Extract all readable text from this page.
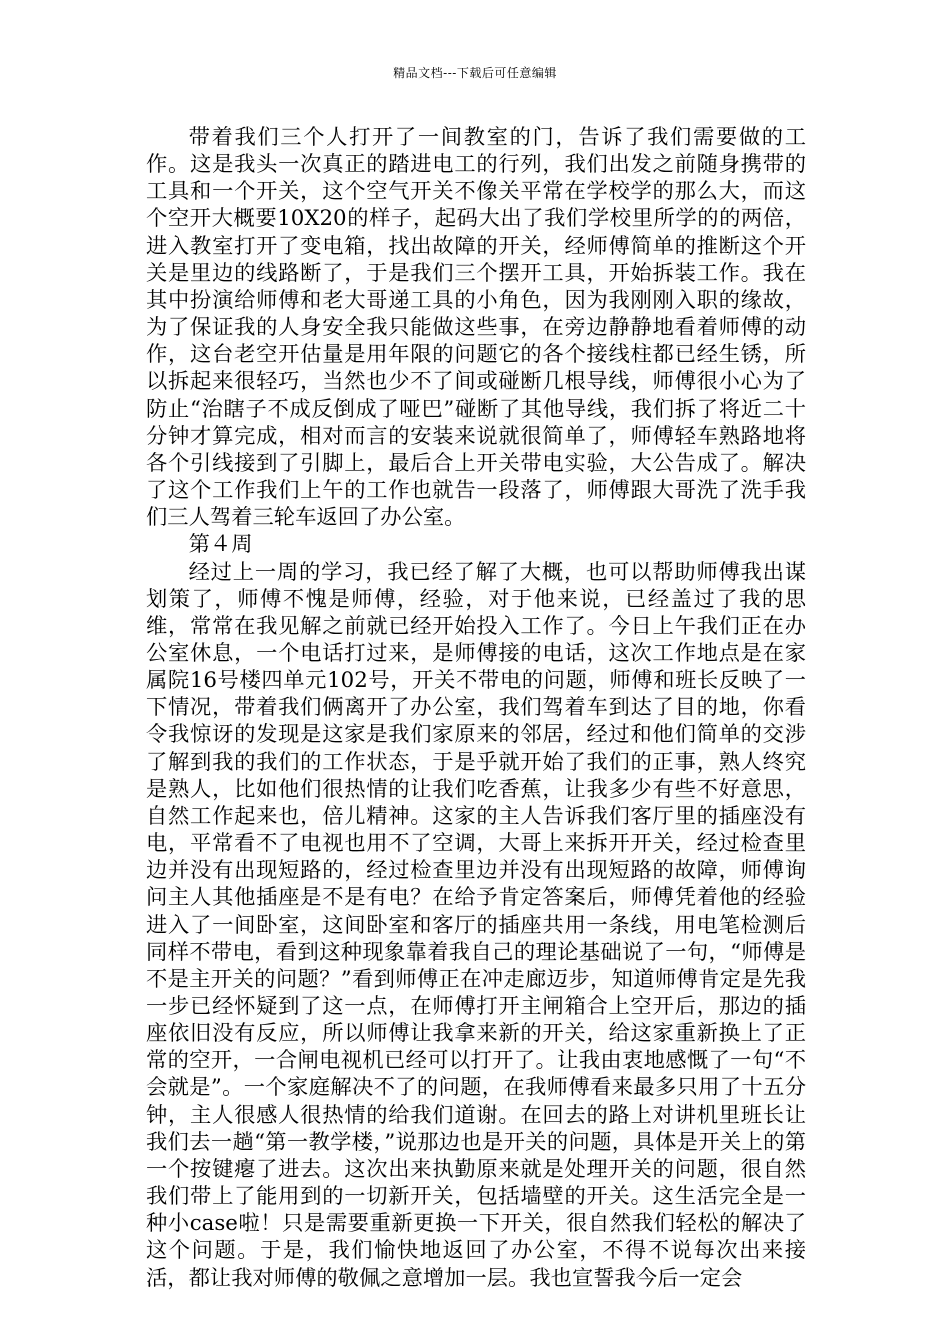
精品文档---下载后可任意编辑

带着我们三个人打开了一间教室的门，告诉了我们需要做的工作。这是我头一次真正的踏进电工的行列，我们出发之前随身携带的工具和一个开关，这个空气开关不像关平常在学校学的那么大，而这个空开大概要10X20的样子，起码大出了我们学校里所学的的两倍，进入教室打开了变电箱，找出故障的开关，经师傅简单的推断这个开关是里边的线路断了，于是我们三个摆开工具，开始拆装工作。我在其中扮演给师傅和老大哥递工具的小角色，因为我刚刚入职的缘故，为了保证我的人身安全我只能做这些事，在旁边静静地看着师傅的动作，这台老空开估量是用年限的问题它的各个接线柱都已经生锈，所以拆起来很轻巧，当然也少不了间或碰断几根导线，师傅很小心为了防止“治瞎子不成反倒成了哑巴”碰断了其他导线，我们拆了将近二十分钟才算完成，相对而言的安装来说就很简单了，师傅轻车熟路地将各个引线接到了引脚上，最后合上开关带电实验，大公告成了。解决了这个工作我们上午的工作也就告一段落了，师傅跟大哥洗了洗手我们三人驾着三轮车返回了办公室。

第４周

经过上一周的学习，我已经了解了大概，也可以帮助师傅我出谋划策了，师傅不愧是师傅，经验，对于他来说，已经盖过了我的思维，常常在我见解之前就已经开始投入工作了。今日上午我们正在办公室休息，一个电话打过来，是师傅接的电话，这次工作地点是在家属院16号楼四单元102号，开关不带电的问题，师傅和班长反映了一下情况，带着我们俩离开了办公室，我们驾着车到达了目的地，你看令我惊讶的发现是这家是我们家原来的邻居，经过和他们简单的交涉了解到我的我们的工作状态，于是乎就开始了我们的正事，熟人终究是熟人，比如他们很热情的让我们吃香蕉，让我多少有些不好意思，自然工作起来也，倍儿精神。这家的主人告诉我们客厅里的插座没有电，平常看不了电视也用不了空调，大哥上来拆开开关，经过检查里边并没有出现短路的，经过检查里边并没有出现短路的故障，师傅询问主人其他插座是不是有电？在给予肯定答案后，师傅凭着他的经验进入了一间卧室，这间卧室和客厅的插座共用一条线，用电笔检测后同样不带电，看到这种现象靠着我自己的理论基础说了一句，“师傅是不是主开关的问题？”看到师傅正在冲走廊迈步，知道师傅肯定是先我一步已经怀疑到了这一点，在师傅打开主闸箱合上空开后，那边的插座依旧没有反应，所以师傅让我拿来新的开关，给这家重新换上了正常的空开，一合闸电视机已经可以打开了。让我由衷地感慨了一句“不会就是”。一个家庭解决不了的问题，在我师傅看来最多只用了十五分钟，主人很感人很热情的给我们道谢。在回去的路上对讲机里班长让我们去一趟“第一教学楼，”说那边也是开关的问题，具体是开关上的第一个按键瘪了进去。这次出来执勤原来就是处理开关的问题，很自然我们带上了能用到的一切新开关，包括墙壁的开关。这生活完全是一种小case啦！只是需要重新更换一下开关，很自然我们轻松的解决了这个问题。于是，我们愉快地返回了办公室，不得不说每次出来接活，都让我对师傅的敬佩之意增加一层。我也宣誓我今后一定会
